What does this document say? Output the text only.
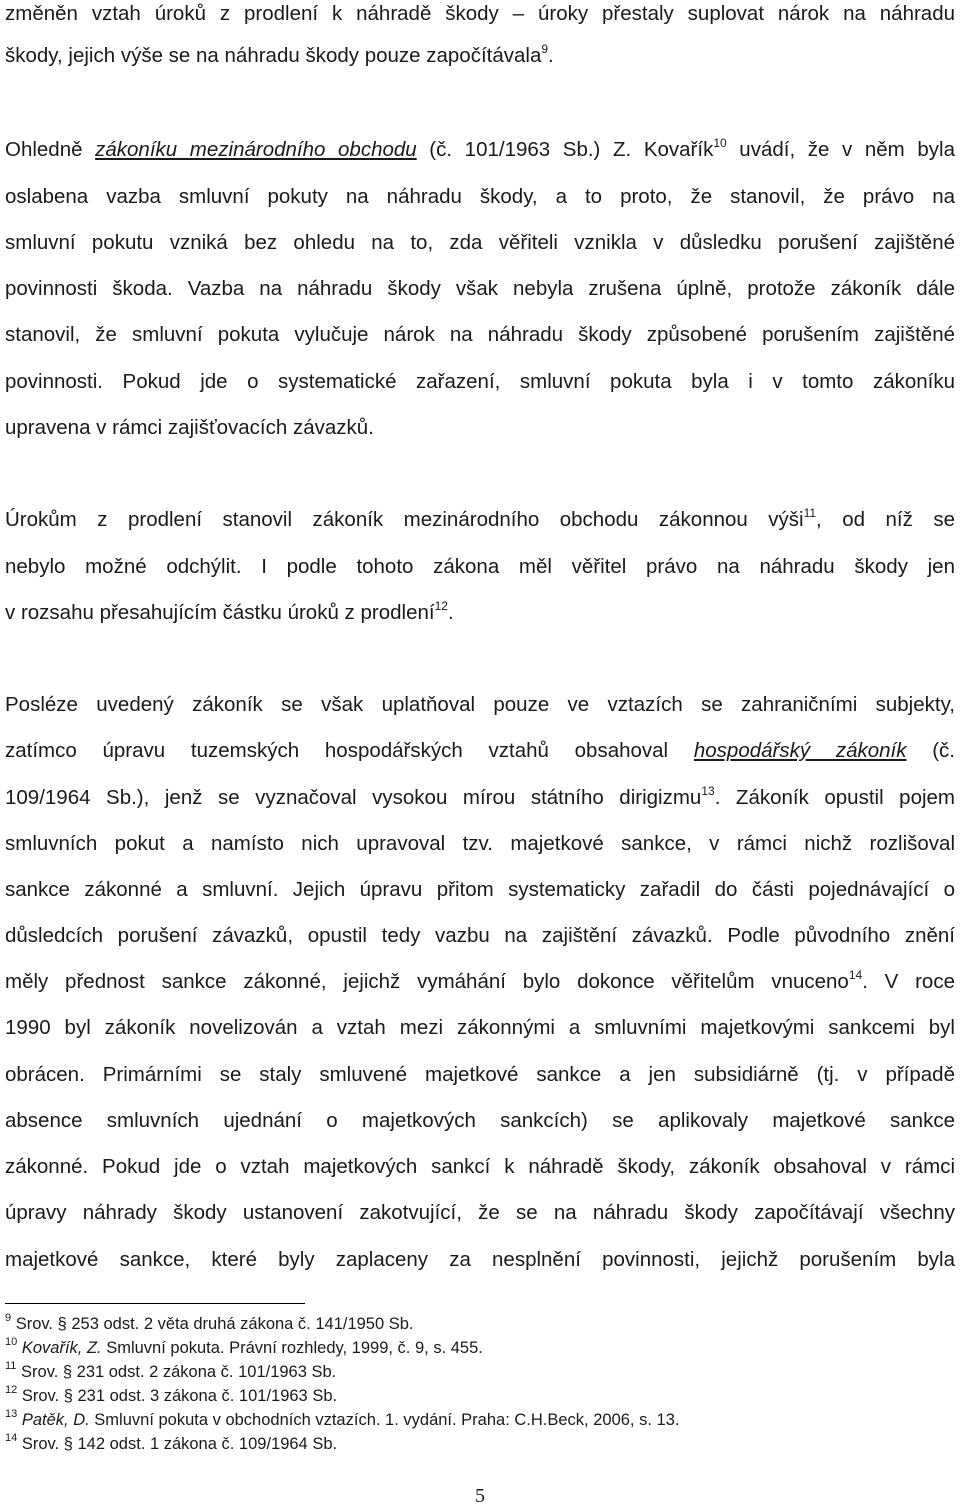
změněn vztah úroků z prodlení k náhradě škody – úroky přestaly suplovat nárok na náhradu
škody, jejich výše se na náhradu škody pouze započítávala$^9$.
Ohledně zákoníku mezinárodního obchodu (č. 101/1963 Sb.) Z. Kovařík$^{10}$ uvádí, že v něm byla
oslabena vazba smluvní pokuty na náhradu škody, a to proto, že stanovil, že právo na
smluvní pokutu vzniká bez ohledu na to, zda věřiteli vznikla v důsledku porušení zajištěné
povinnosti škoda. Vazba na náhradu škody však nebyla zrušena úplně, protože zákoník dále
stanovil, že smluvní pokuta vylučuje nárok na náhradu škody způsobené porušením zajištěné
povinnosti. Pokud jde o systematické zařazení, smluvní pokuta byla i v tomto zákoníku
upravena v rámci zajišťovacích závazků.
Úrokům z prodlení stanovil zákoník mezinárodního obchodu zákonnou výši$^{11}$, od níž se
nebylo možné odchýlit. I podle tohoto zákona měl věřitel právo na náhradu škody jen
v rozsahu přesahujícím částku úroků z prodlení$^{12}$.
Posléze uvedený zákoník se však uplatňoval pouze ve vztazích se zahraničními subjekty,
zatímco úpravu tuzemských hospodářských vztahů obsahoval hospodářský zákoník (č.
109/1964 Sb.), jenž se vyznačoval vysokou mírou státního dirigizmu$^{13}$. Zákoník opustil pojem
smluvních pokut a namísto nich upravoval tzv. majetkové sankce, v rámci nichž rozlišoval
sankce zákonné a smluvní. Jejich úpravu přitom systematicky zařadil do části pojednávající o
důsledcích porušení závazků, opustil tedy vazbu na zajištění závazků. Podle původního znění
měly přednost sankce zákonné, jejichž vymáhání bylo dokonce věřitelům vnuceno$^{14}$. V roce
1990 byl zákoník novelizován a vztah mezi zákonnými a smluvními majetkovými sankcemi byl
obrácen. Primárními se staly smluvené majetkové sankce a jen subsidiárně (tj. v případě
absence smluvních ujednání o majetkových sankcích) se aplikovaly majetkové sankce
zákonné. Pokud jde o vztah majetkových sankcí k náhradě škody, zákoník obsahoval v rámci
úpravy náhrady škody ustanovení zakotvující, že se na náhradu škody započítávají všechny
majetkové sankce, které byly zaplaceny za nesplnění povinnosti, jejichž porušením byla
$^9$ Srov. § 253 odst. 2 věta druhá zákona č. 141/1950 Sb.
$^{10}$ Kovařík, Z. Smluvní pokuta. Právní rozhledy, 1999, č. 9, s. 455.
$^{11}$ Srov. § 231 odst. 2 zákona č. 101/1963 Sb.
$^{12}$ Srov. § 231 odst. 3 zákona č. 101/1963 Sb.
$^{13}$ Patěk, D. Smluvní pokuta v obchodních vztazích. 1. vydání. Praha: C.H.Beck, 2006, s. 13.
$^{14}$ Srov. § 142 odst. 1 zákona č. 109/1964 Sb.
5
